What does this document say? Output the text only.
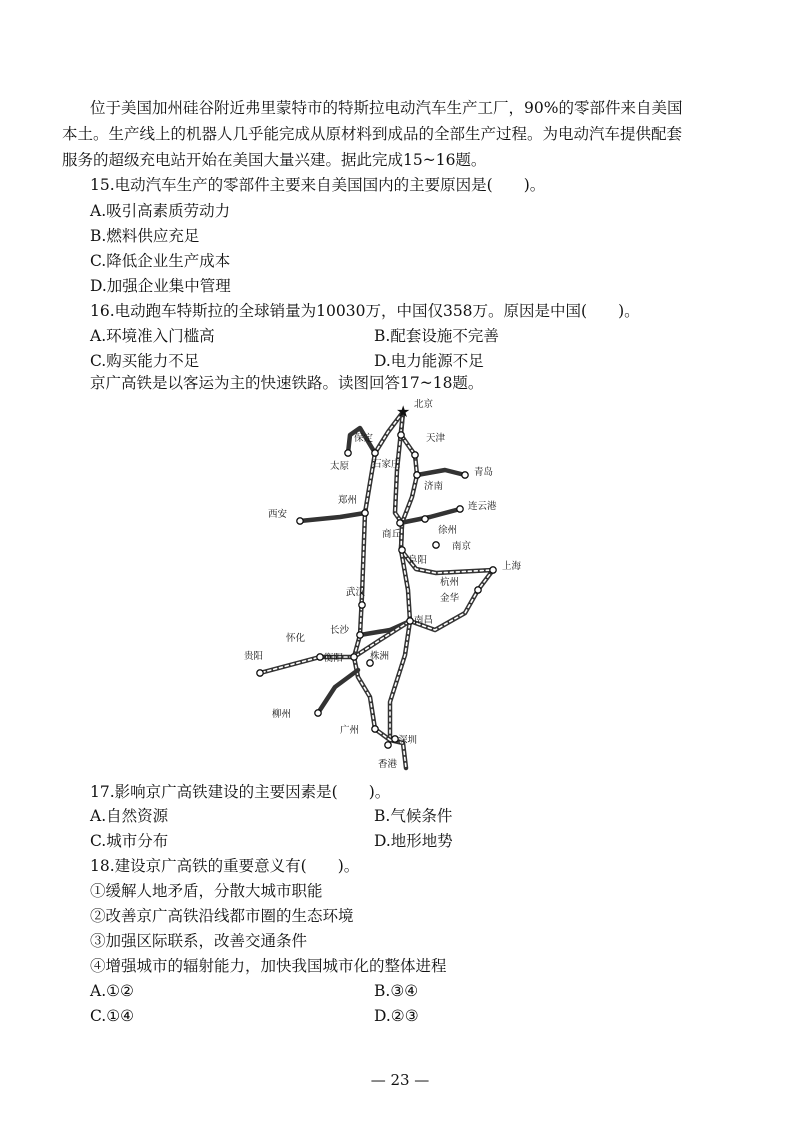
位于美国加州硅谷附近弗里蒙特市的特斯拉电动汽车生产工厂，90%的零部件来自美国
本土。生产线上的机器人几乎能完成从原材料到成品的全部生产过程。为电动汽车提供配套
服务的超级充电站开始在美国大量兴建。据此完成15~16题。
15.电动汽车生产的零部件主要来自美国国内的主要原因是(　　)。
A.吸引高素质劳动力
B.燃料供应充足
C.降低企业生产成本
D.加强企业集中管理
16.电动跑车特斯拉的全球销量为10030万，中国仅358万。原因是中国(　　)。
A.环境准入门槛高	B.配套设施不完善
C.购买能力不足	D.电力能源不足
京广高铁是以客运为主的快速铁路。读图回答17~18题。
★ 北京
保定	天津
太原 石家庄
青岛
济南
郑州
连云港
西安
商丘	徐州
南京
阜阳
上海
杭州
金华
武汉
长沙
南昌
怀化
贵阳	衡阳	株洲
柳州
广州
深圳
香港
17.影响京广高铁建设的主要因素是(　　)。
A.自然资源	B.气候条件
C.城市分布	D.地形地势
18.建设京广高铁的重要意义有(　　)。
①缓解人地矛盾，分散大城市职能
②改善京广高铁沿线都市圈的生态环境
③加强区际联系，改善交通条件
④增强城市的辐射能力，加快我国城市化的整体进程
A.①②	B.③④
C.①④	D.②③
— 23 —
